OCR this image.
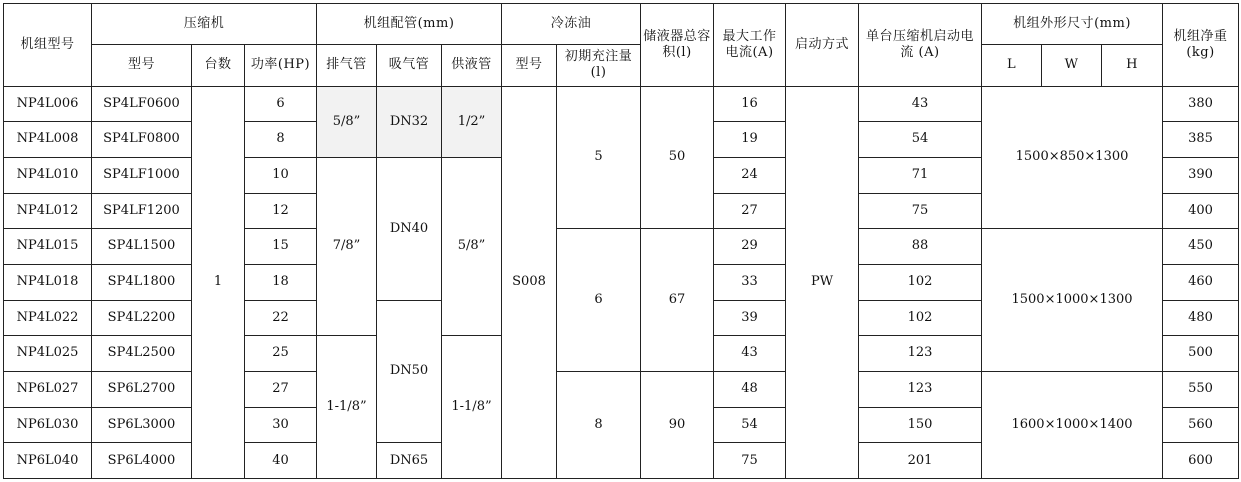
机组型号	压缩机			机组配管(mm)			冷冻油		储液器总容积(l)	最大工作电流(A)	启动方式	单台压缩机启动电流 (A)	机组外形尺寸(mm)			机组净重(kg)
	型号	台数	功率(HP)	排气管	吸气管	供液管	型号	初期充注量 (l)					L	W	H	
NP4L006	SP4LF0600	1	6	5/8”	DN32	1/2”	S008	5	50	16	PW	43	1500×850×1300			380
NP4L008	SP4LF0800		8							19		54				385
NP4L010	SP4LF1000		10	7/8”	DN40	5/8”				24		71				390
NP4L012	SP4LF1200		12							27		75				400
NP4L015	SP4L1500		15					6	67	29		88	1500×1000×1300			450
NP4L018	SP4L1800		18							33		102				460
NP4L022	SP4L2200		22		DN50					39		102				480
NP4L025	SP4L2500		25	1-1/8”		1-1/8”				43		123				500
NP6L027	SP6L2700		27					8	90	48		123	1600×1000×1400			550
NP6L030	SP6L3000		30							54		150				560
NP6L040	SP6L4000		40		DN65					75		201				600
